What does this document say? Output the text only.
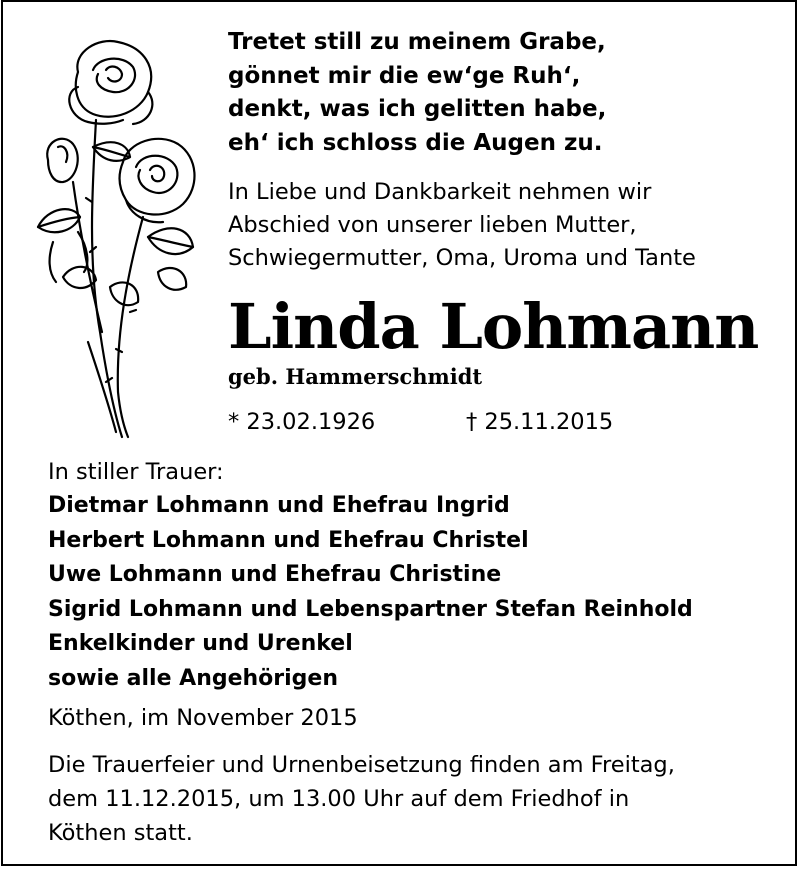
Tretet still zu meinem Grabe,
gönnet mir die ew‘ge Ruh‘,
denkt, was ich gelitten habe,
eh‘ ich schloss die Augen zu.
In Liebe und Dankbarkeit nehmen wir
Abschied von unserer lieben Mutter,
Schwiegermutter, Oma, Uroma und Tante
Linda Lohmann
geb. Hammerschmidt
* 23.02.1926	† 25.11.2015
In stiller Trauer:
Dietmar Lohmann und Ehefrau Ingrid
Herbert Lohmann und Ehefrau Christel
Uwe Lohmann und Ehefrau Christine
Sigrid Lohmann und Lebenspartner Stefan Reinhold
Enkelkinder und Urenkel
sowie alle Angehörigen
Köthen, im November 2015
Die Trauerfeier und Urnenbeisetzung finden am Freitag,
dem 11.12.2015, um 13.00 Uhr auf dem Friedhof in
Köthen statt.
